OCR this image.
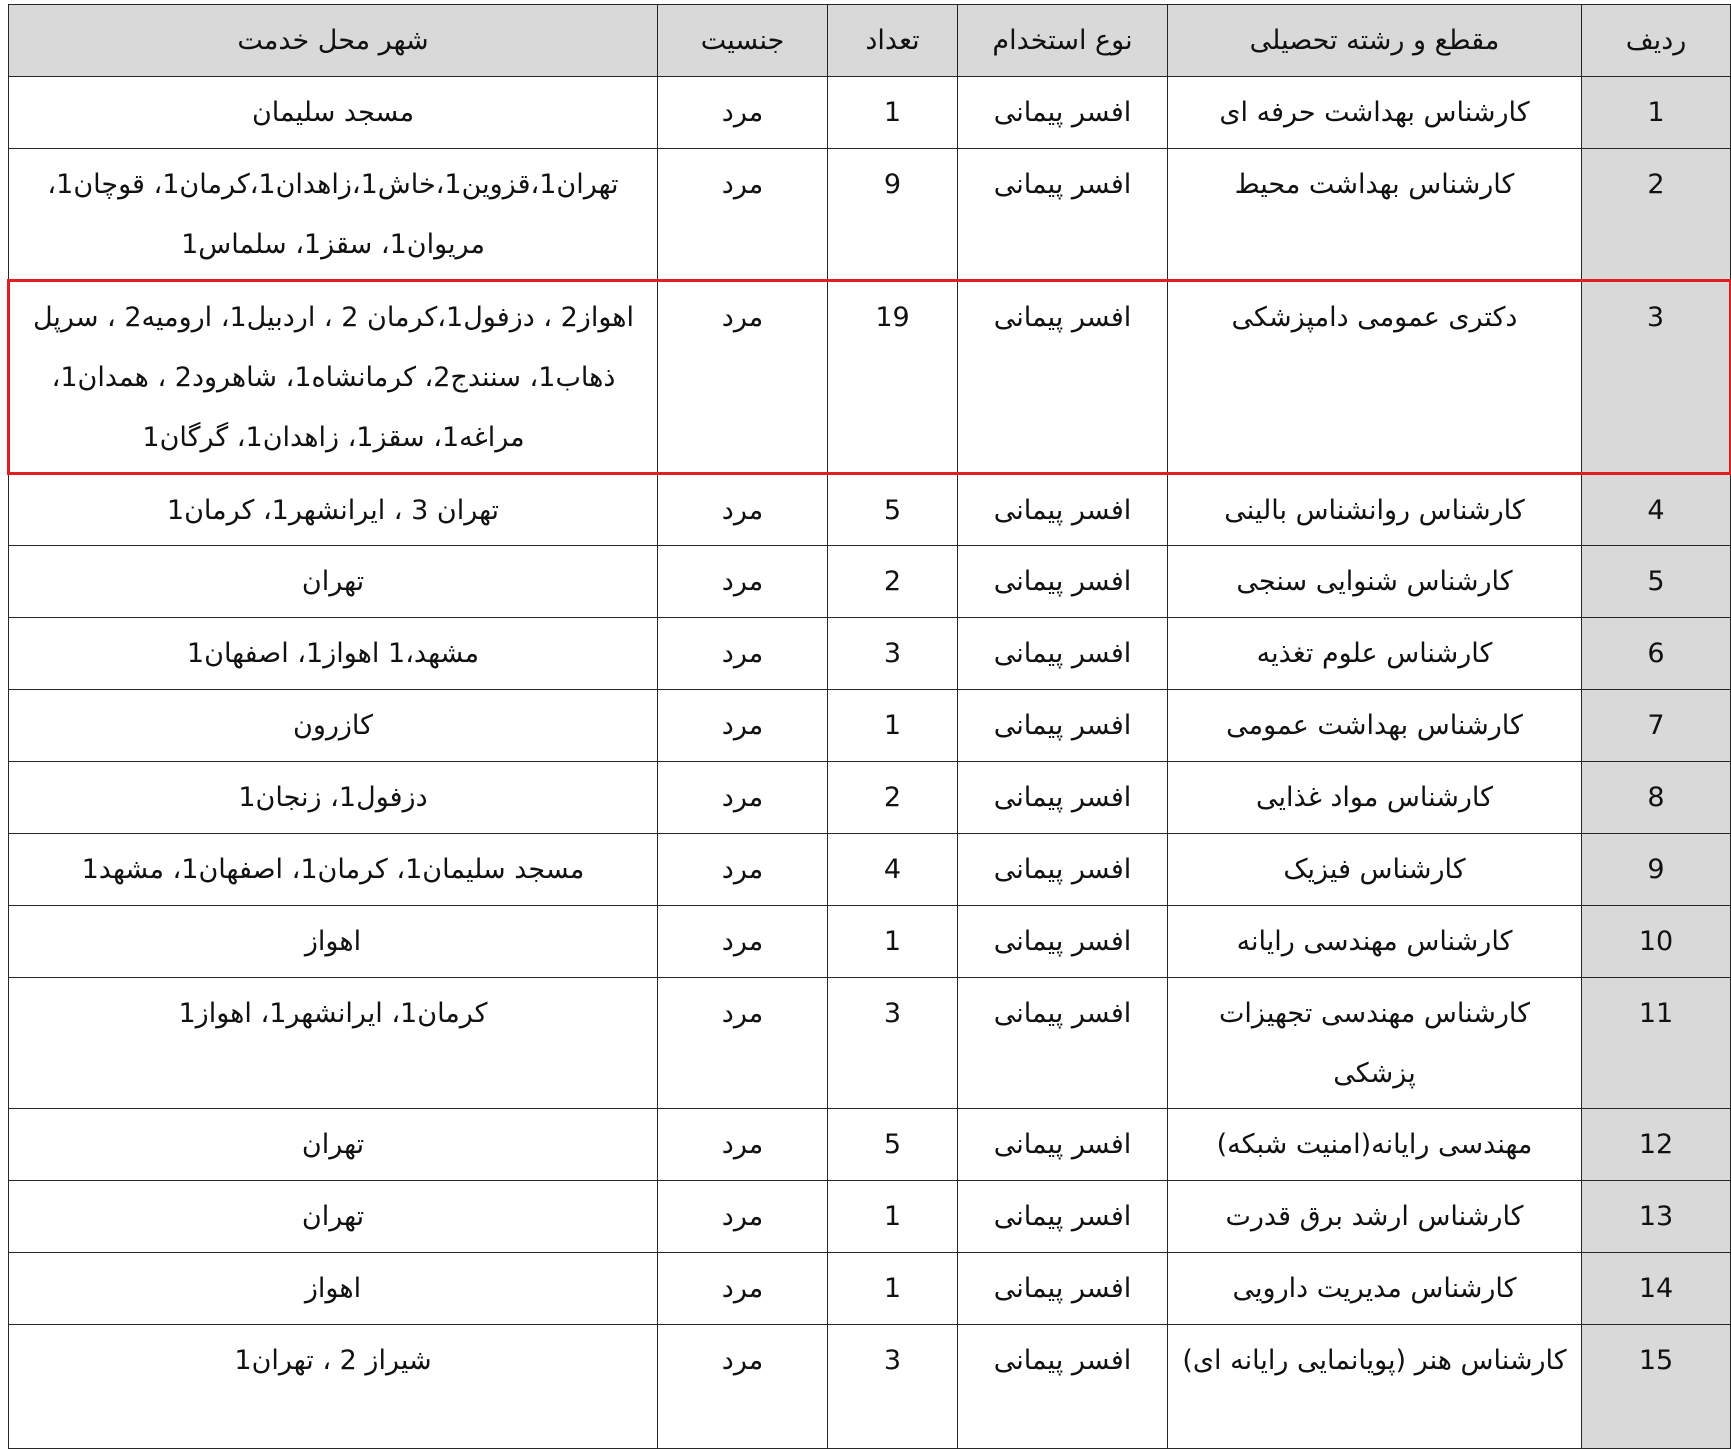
ردیف	مقطع و رشته تحصیلی	نوع استخدام	تعداد	جنسیت	شهر محل خدمت
1	کارشناس بهداشت حرفه ای	افسر پیمانی	1	مرد	مسجد سلیمان
2	کارشناس بهداشت محیط	افسر پیمانی	9	مرد	تهران1،قزوین1،خاش1،زاهدان1،کرمان1، قوچان1، مریوان1، سقز1، سلماس1
3	دکتری عمومی دامپزشکی	افسر پیمانی	19	مرد	اهواز2 ، دزفول1،کرمان 2 ، اردبیل1، ارومیه2 ، سرپل ذهاب1، سنندج2، کرمانشاه1، شاهرود2 ، همدان1، مراغه1، سقز1، زاهدان1، گرگان1
4	کارشناس روانشناس بالینی	افسر پیمانی	5	مرد	تهران 3 ، ایرانشهر1، کرمان1
5	کارشناس شنوایی سنجی	افسر پیمانی	2	مرد	تهران
6	کارشناس علوم تغذیه	افسر پیمانی	3	مرد	مشهد،1 اهواز1، اصفهان1
7	کارشناس بهداشت عمومی	افسر پیمانی	1	مرد	کازرون
8	کارشناس مواد غذایی	افسر پیمانی	2	مرد	دزفول1، زنجان1
9	کارشناس فیزیک	افسر پیمانی	4	مرد	مسجد سلیمان1، کرمان1، اصفهان1، مشهد1
10	کارشناس مهندسی رایانه	افسر پیمانی	1	مرد	اهواز
11	کارشناس مهندسی تجهیزات پزشکی	افسر پیمانی	3	مرد	کرمان1، ایرانشهر1، اهواز1
12	مهندسی رایانه(امنیت شبکه)	افسر پیمانی	5	مرد	تهران
13	کارشناس ارشد برق قدرت	افسر پیمانی	1	مرد	تهران
14	کارشناس مدیریت دارویی	افسر پیمانی	1	مرد	اهواز
15	کارشناس هنر (پویانمایی رایانه ای)	افسر پیمانی	3	مرد	شیراز 2 ، تهران1
